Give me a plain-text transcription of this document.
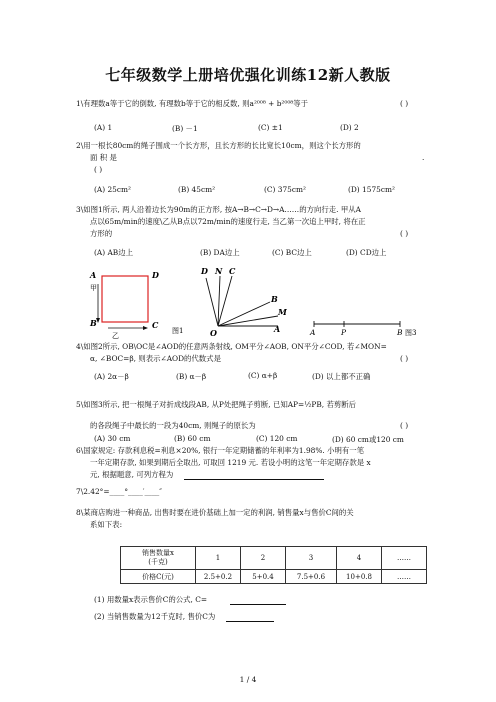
七年级数学上册培优强化训练12新人教版
1\有理数a等于它的倒数, 有理数b等于它的相反数, 则a²⁰⁰⁸ + b²⁰⁰⁸等于	( )
(A) 1	(B) －1	(C) ±1	(D) 2
2\用一根长80cm的绳子围成一个长方形，且长方形的长比宽长10cm，则这个长方形的
面 积 是	.
( )
(A) 25cm²	(B) 45cm²	(C) 375cm²	(D) 1575cm²
3\如图1所示, 两人沿着边长为90m的正方形, 按A→B→C→D→A……的方向行走. 甲从A
点以65m/min的速度\乙从B点以72m/min的速度行走, 当乙第一次追上甲时, 将在正
方形的	( )
(A) AB边上	(B) DA边上	(C) BC边上	(D) CD边上
A
甲
B
乙
C
D
图1
D N C
B
M
O	A	A	P	B 图3
4\如图2所示, OB\OC是∠AOD的任意两条射线, OM平分∠AOB, ON平分∠COD, 若∠MON=
α, ∠BOC=β, 则表示∠AOD的代数式是	( )
(A) 2α－β	(B) α－β	(C) α+β	(D) 以上都不正确
5\如图3所示, 把一根绳子对折成线段AB, 从P处把绳子剪断, 已知AP=½PB, 若剪断后
的各段绳子中最长的一段为40cm, 则绳子的原长为	( )
(A) 30 cm	(B) 60 cm	(C) 120 cm	(D) 60 cm或120 cm
6\国家规定: 存款利息税=利息×20%, 银行一年定期储蓄的年利率为1.98%. 小明有一笔
一年定期存款, 如果到期后全取出, 可取回 1219 元. 若设小明的这笔一年定期存款是 x
元, 根据题意, 可列方程为
7\2.42°=____°____′____″
8\某商店购进一种商品, 出售时要在进价基础上加一定的利润, 销售量x与售价C间的关
系如下表:
销售数量x
(千克)	1	2	3	4	……
价格C(元)	2.5+0.2	5+0.4	7.5+0.6	10+0.8	……
(1) 用数量x表示售价C的公式, C=
(2) 当销售数量为12千克时, 售价C为
1 / 4
